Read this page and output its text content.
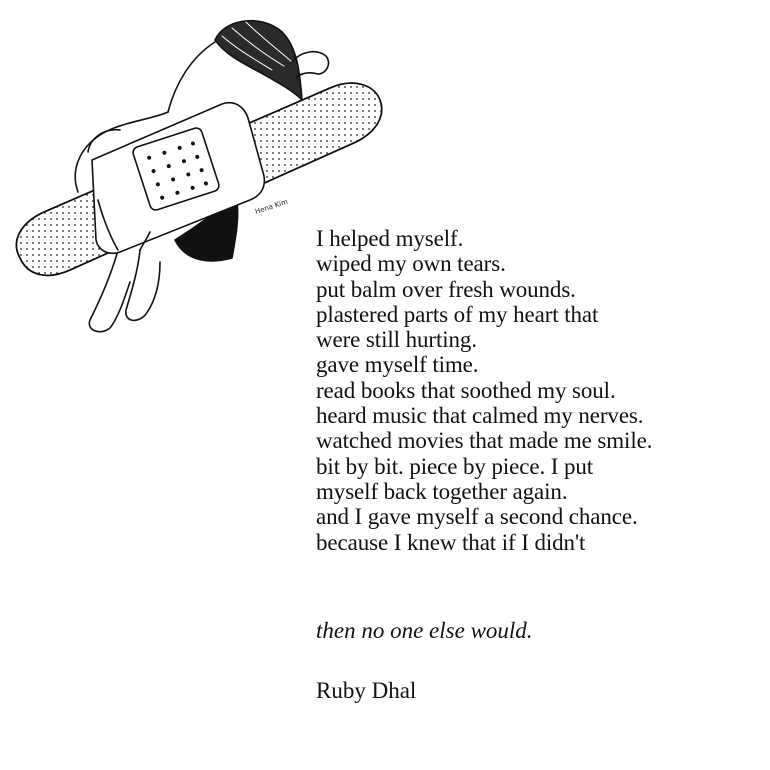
Hena Kim
I helped myself.
wiped my own tears.
put balm over fresh wounds.
plastered parts of my heart that
were still hurting.
gave myself time.
read books that soothed my soul.
heard music that calmed my nerves.
watched movies that made me smile.
bit by bit. piece by piece. I put
myself back together again.
and I gave myself a second chance.
because I knew that if I didn't
then no one else would.
Ruby Dhal
